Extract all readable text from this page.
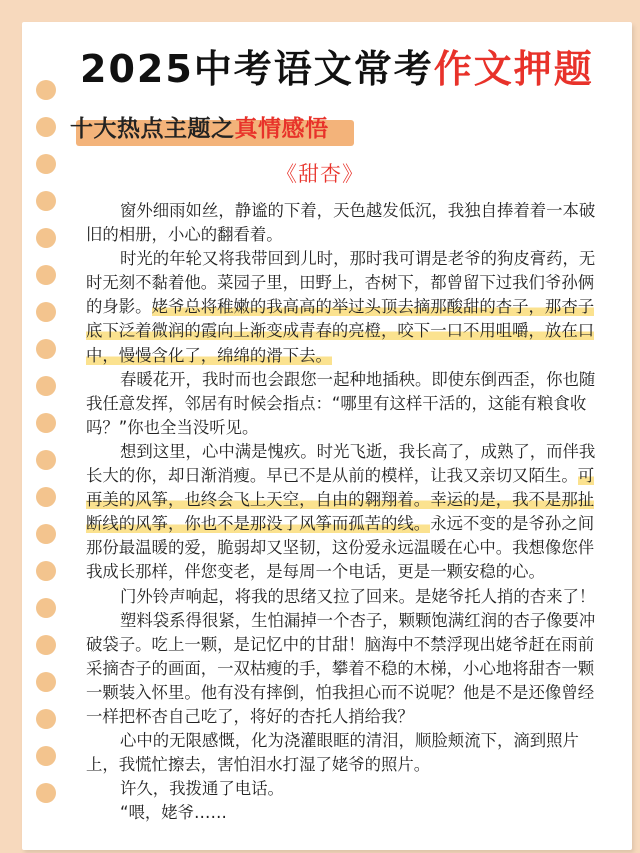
2025中考语文常考作文押题
十大热点主题之真情感悟
《甜杏》
窗外细雨如丝，静谧的下着，天色越发低沉，我独自捧着着一本破
旧的相册，小心的翻看着。
时光的年轮又将我带回到儿时，那时我可谓是老爷的狗皮膏药，无
时无刻不黏着他。菜园子里，田野上，杏树下，都曾留下过我们爷孙俩
的身影。姥爷总将稚嫩的我高高的举过头顶去摘那酸甜的杏子，那杏子
底下泛着微润的霞向上渐变成青春的亮橙，咬下一口不用咀嚼，放在口
中，慢慢含化了，绵绵的滑下去。
春暖花开，我时而也会跟您一起种地插秧。即使东倒西歪，你也随
我任意发挥，邻居有时候会指点：“哪里有这样干活的，这能有粮食收
吗？”你也全当没听见。
想到这里，心中满是愧疚。时光飞逝，我长高了，成熟了，而伴我
长大的你，却日渐消瘦。早已不是从前的模样，让我又亲切又陌生。可
再美的风筝，也终会飞上天空，自由的翱翔着。幸运的是，我不是那扯
断线的风筝，你也不是那没了风筝而孤苦的线。永远不变的是爷孙之间
那份最温暖的爱，脆弱却又坚韧，这份爱永远温暖在心中。我想像您伴
我成长那样，伴您变老，是每周一个电话，更是一颗安稳的心。
门外铃声响起，将我的思绪又拉了回来。是姥爷托人捎的杏来了！
塑料袋系得很紧，生怕漏掉一个杏子，颗颗饱满红润的杏子像要冲
破袋子。吃上一颗，是记忆中的甘甜！脑海中不禁浮现出姥爷赶在雨前
采摘杏子的画面，一双枯瘦的手，攀着不稳的木梯，小心地将甜杏一颗
一颗装入怀里。他有没有摔倒，怕我担心而不说呢？他是不是还像曾经
一样把杯杏自己吃了，将好的杏托人捎给我？
心中的无限感慨，化为浇灌眼眶的清泪，顺脸颊流下，滴到照片
上，我慌忙擦去，害怕泪水打湿了姥爷的照片。
许久，我拨通了电话。
“喂，姥爷……
